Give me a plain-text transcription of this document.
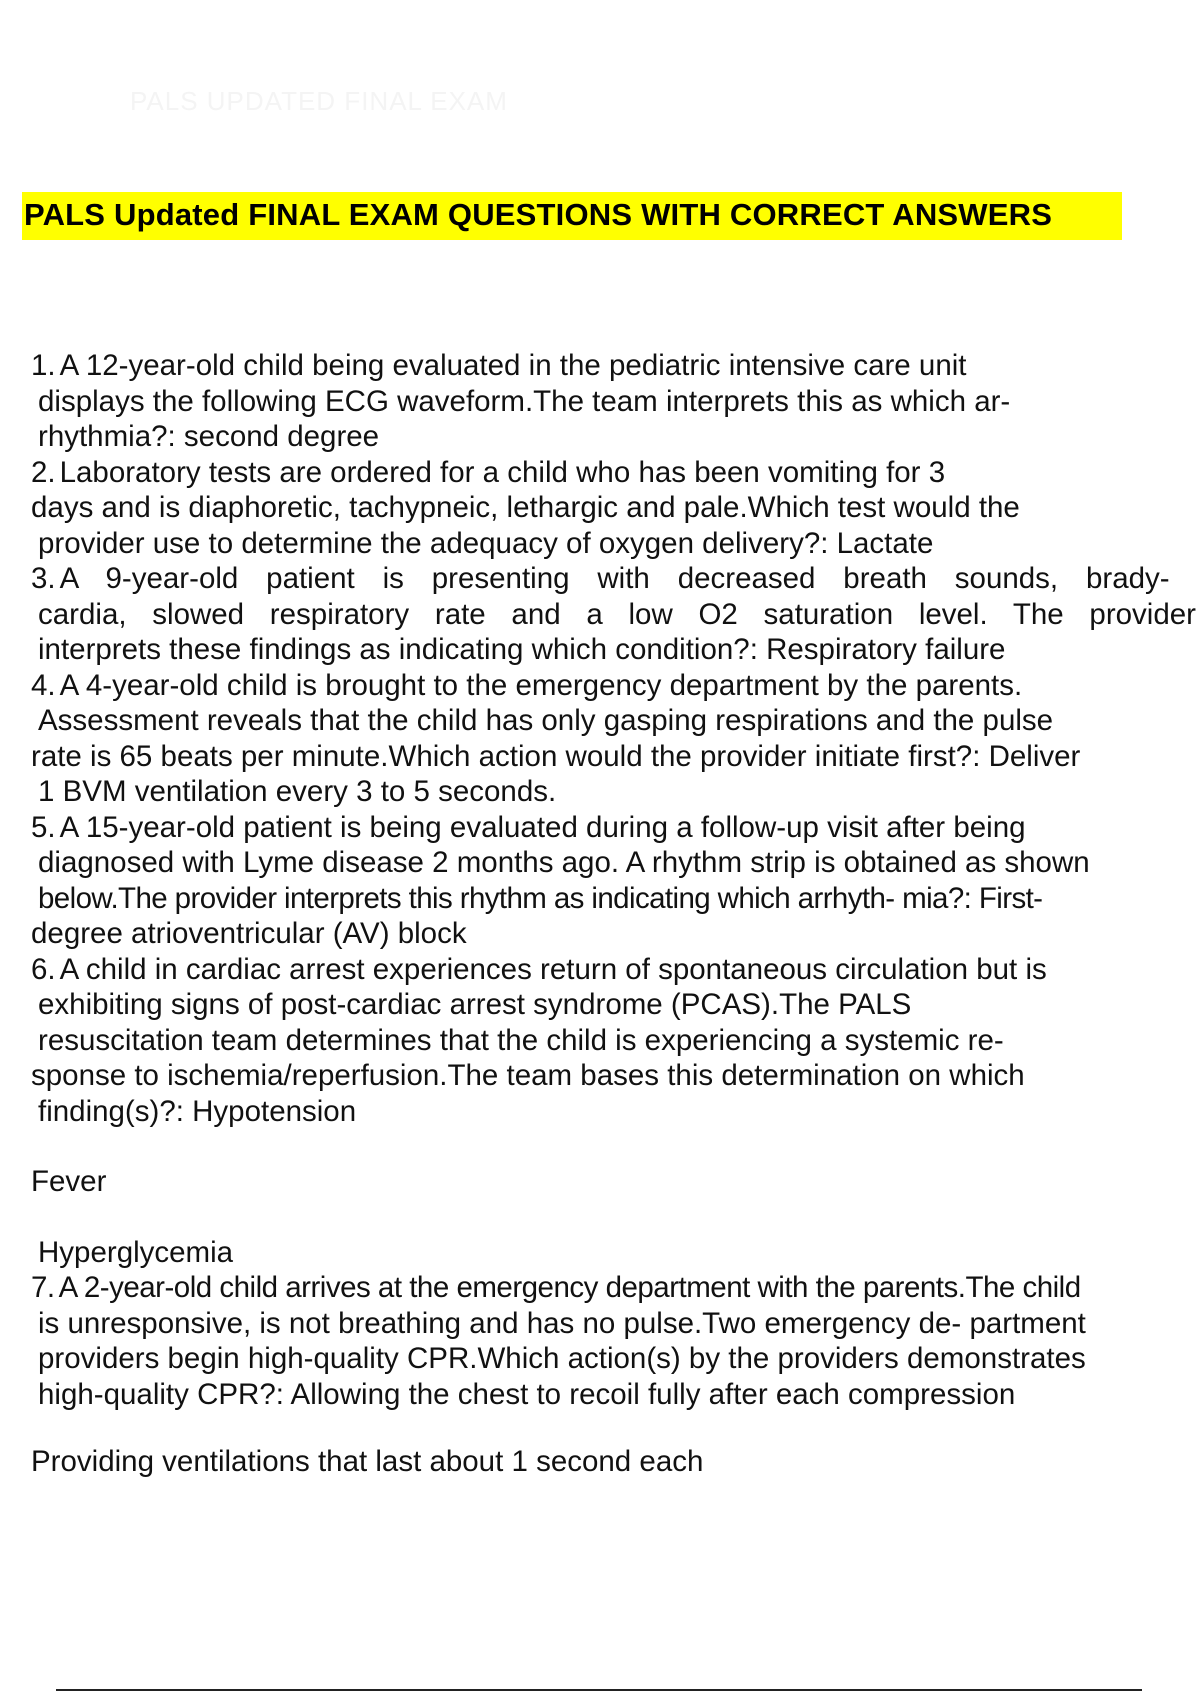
PALS UPDATED FINAL EXAM
PALS Updated FINAL EXAM QUESTIONS WITH CORRECT ANSWERS
1. A 12-year-old child being evaluated in the pediatric intensive care unit
displays the following ECG waveform.The team interprets this as which ar-
rhythmia?: second degree
2. Laboratory tests are ordered for a child who has been vomiting for 3
days and is diaphoretic, tachypneic, lethargic and pale.Which test would the
provider use to determine the adequacy of oxygen delivery?: Lactate
3. A 9-year-old patient is presenting with decreased breath sounds, brady-
cardia, slowed respiratory rate and a low O2 saturation level. The provider
interprets these findings as indicating which condition?: Respiratory failure
4. A 4-year-old child is brought to the emergency department by the parents.
Assessment reveals that the child has only gasping respirations and the pulse
rate is 65 beats per minute.Which action would the provider initiate first?: Deliver
1 BVM ventilation every 3 to 5 seconds.
5. A 15-year-old patient is being evaluated during a follow-up visit after being
diagnosed with Lyme disease 2 months ago. A rhythm strip is obtained as shown
below.The provider interprets this rhythm as indicating which arrhyth- mia?: First-
degree atrioventricular (AV) block
6. A child in cardiac arrest experiences return of spontaneous circulation but is
exhibiting signs of post-cardiac arrest syndrome (PCAS).The PALS
resuscitation team determines that the child is experiencing a systemic re-
sponse to ischemia/reperfusion.The team bases this determination on which
finding(s)?: Hypotension
Fever
Hyperglycemia
7. A 2-year-old child arrives at the emergency department with the parents.The child
is unresponsive, is not breathing and has no pulse.Two emergency de- partment
providers begin high-quality CPR.Which action(s) by the providers demonstrates
high-quality CPR?: Allowing the chest to recoil fully after each compression
Providing ventilations that last about 1 second each
